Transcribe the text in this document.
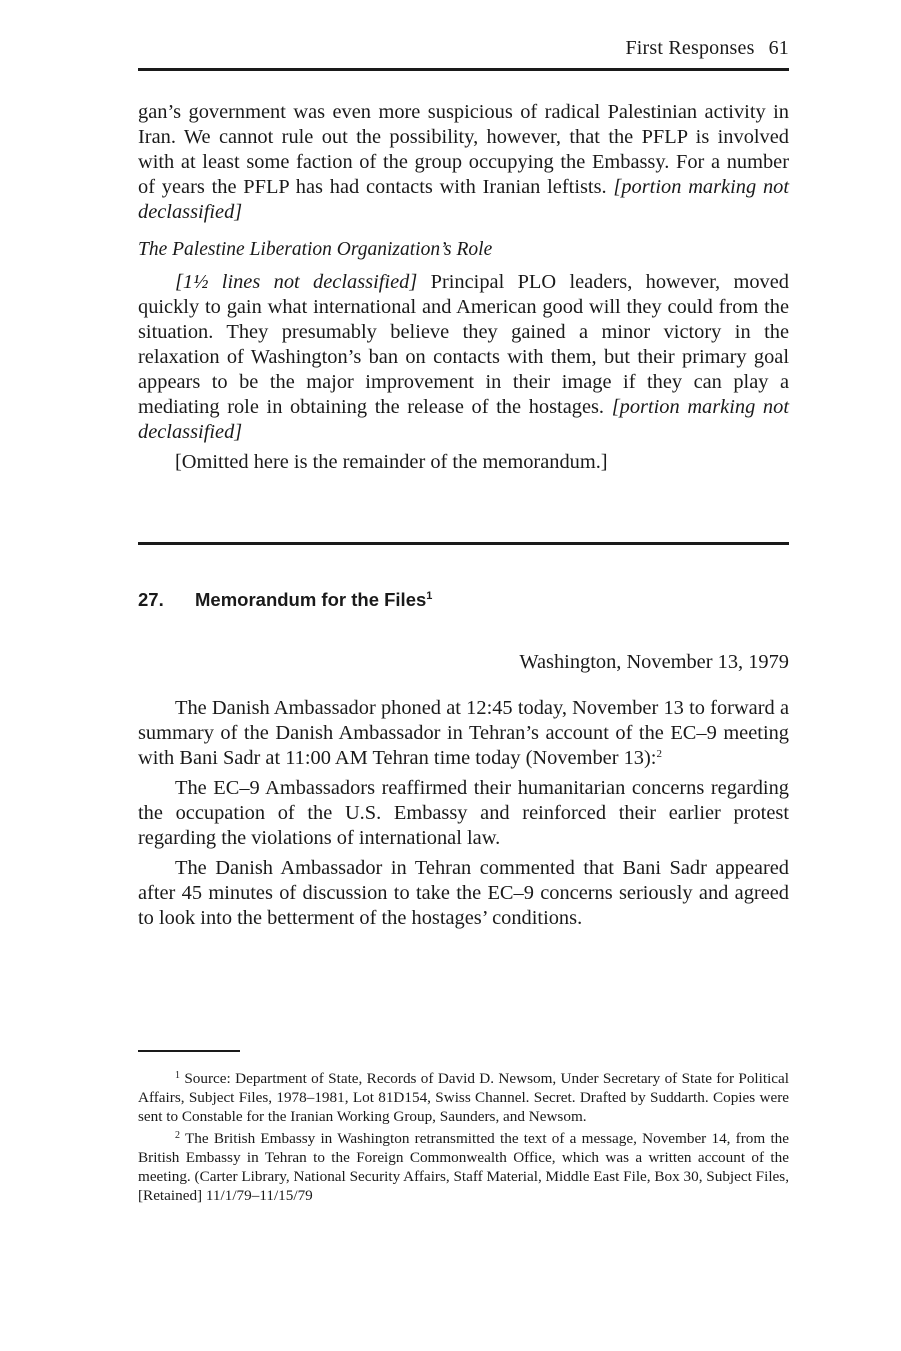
First Responses 61

gan’s government was even more suspicious of radical Palestinian activity in Iran. We cannot rule out the possibility, however, that the PFLP is involved with at least some faction of the group occupying the Embassy. For a number of years the PFLP has had contacts with Iranian leftists. [portion marking not declassified]

The Palestine Liberation Organization’s Role

[1½ lines not declassified] Principal PLO leaders, however, moved quickly to gain what international and American good will they could from the situation. They presumably believe they gained a minor victory in the relaxation of Washington’s ban on contacts with them, but their primary goal appears to be the major improvement in their image if they can play a mediating role in obtaining the release of the hostages. [portion marking not declassified]

[Omitted here is the remainder of the memorandum.]

27. Memorandum for the Files$^1$
Washington, November 13, 1979

The Danish Ambassador phoned at 12:45 today, November 13 to forward a summary of the Danish Ambassador in Tehran’s account of the EC–9 meeting with Bani Sadr at 11:00 AM Tehran time today (November 13):$^2$

The EC–9 Ambassadors reaffirmed their humanitarian concerns regarding the occupation of the U.S. Embassy and reinforced their earlier protest regarding the violations of international law.

The Danish Ambassador in Tehran commented that Bani Sadr appeared after 45 minutes of discussion to take the EC–9 concerns seriously and agreed to look into the betterment of the hostages’ conditions.

$^1$ Source: Department of State, Records of David D. Newsom, Under Secretary of State for Political Affairs, Subject Files, 1978–1981, Lot 81D154, Swiss Channel. Secret. Drafted by Suddarth. Copies were sent to Constable for the Iranian Working Group, Saunders, and Newsom.

$^2$ The British Embassy in Washington retransmitted the text of a message, November 14, from the British Embassy in Tehran to the Foreign Commonwealth Office, which was a written account of the meeting. (Carter Library, National Security Affairs, Staff Material, Middle East File, Box 30, Subject Files, [Retained] 11/1/79–11/15/79
